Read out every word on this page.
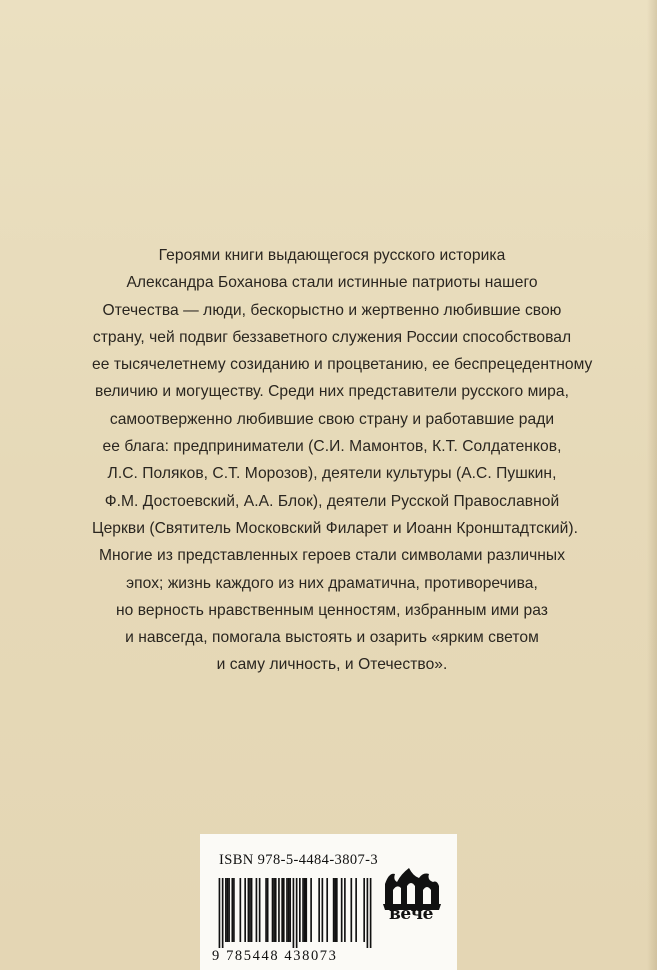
Героями книги выдающегося русского историка
Александра Боханова стали истинные патриоты нашего
Отечества — люди, бескорыстно и жертвенно любившие свою
страну, чей подвиг беззаветного служения России способствовал
ее тысячелетнему созиданию и процветанию, ее беспрецедентному
величию и могуществу. Среди них представители русского мира,
самоотверженно любившие свою страну и работавшие ради
ее блага: предприниматели (С.И. Мамонтов, К.Т. Солдатенков,
Л.С. Поляков, С.Т. Морозов), деятели культуры (А.С. Пушкин,
Ф.М. Достоевский, А.А. Блок), деятели Русской Православной
Церкви (Святитель Московский Филарет и Иоанн Кронштадтский).
Многие из представленных героев стали символами различных
эпох; жизнь каждого из них драматична, противоречива,
но верность нравственным ценностям, избранным ими раз
и навсегда, помогала выстоять и озарить «ярким светом
и саму личность, и Отечество».
ISBN 978-5-4484-3807-3
9 785448 438073
вече
